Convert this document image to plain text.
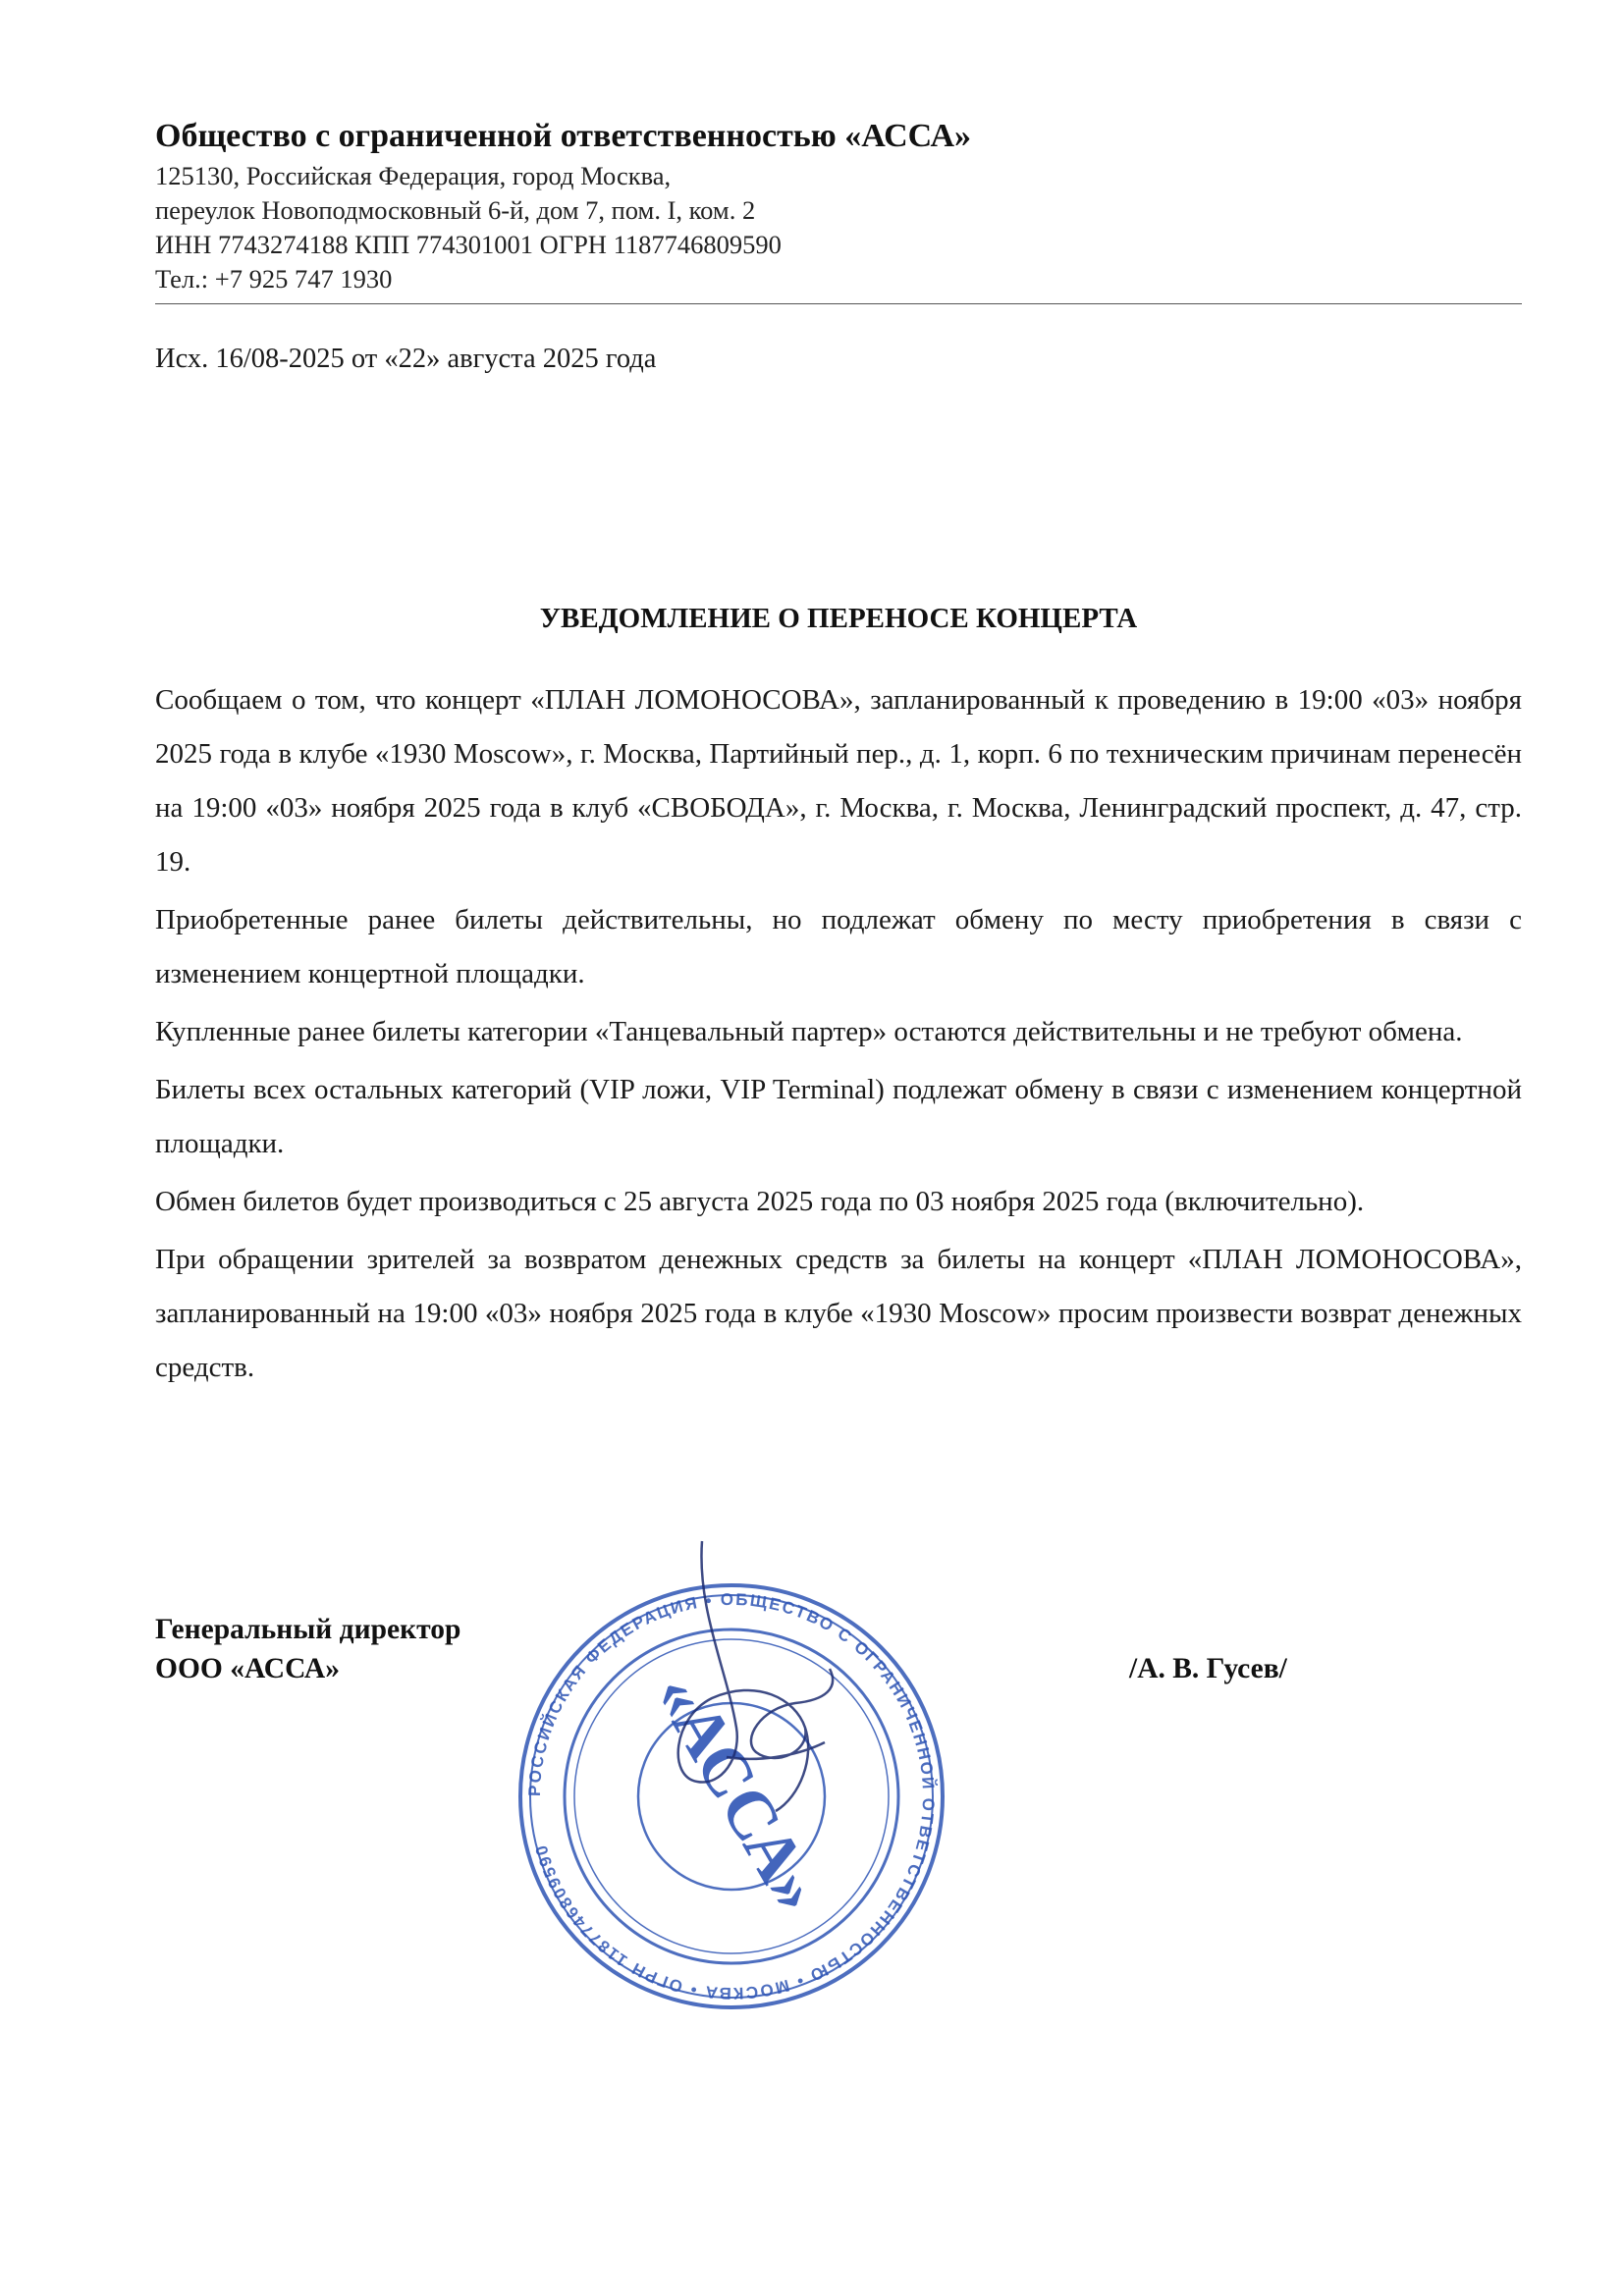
Общество с ограниченной ответственностью «АССА»
125130, Российская Федерация, город Москва,
переулок Новоподмосковный 6-й, дом 7, пом. I, ком. 2
ИНН 7743274188 КПП 774301001 ОГРН 1187746809590
Тел.: +7 925 747 1930
Исх. 16/08-2025 от «22» августа 2025 года
УВЕДОМЛЕНИЕ О ПЕРЕНОСЕ КОНЦЕРТА

Сообщаем о том, что концерт «ПЛАН ЛОМОНОСОВА», запланированный к проведению в 19:00 «03» ноября 2025 года в клубе «1930 Moscow», г. Москва, Партийный пер., д. 1, корп. 6 по техническим причинам перенесён на 19:00 «03» ноября 2025 года в клуб «СВОБОДА», г. Москва, г. Москва, Ленинградский проспект, д. 47, стр. 19.

Приобретенные ранее билеты действительны, но подлежат обмену по месту приобретения в связи с изменением концертной площадки.

Купленные ранее билеты категории «Танцевальный партер» остаются действительны и не требуют обмена.

Билеты всех остальных категорий (VIP ложи, VIP Terminal) подлежат обмену в связи с изменением концертной площадки.

Обмен билетов будет производиться с 25 августа 2025 года по 03 ноября 2025 года (включительно).

При обращении зрителей за возвратом денежных средств за билеты на концерт «ПЛАН ЛОМОНОСОВА», запланированный на 19:00 «03» ноября 2025 года в клубе «1930 Moscow» просим произвести возврат денежных средств.

Генеральный директор
ООО «АССА»	/А. В. Гусев/
РОССИЙСКАЯ ФЕДЕРАЦИЯ • ОБЩЕСТВО С ОГРАНИЧЕННОЙ ОТВЕТСТВЕННОСТЬЮ • МОСКВА • ОГРН 1187746809590	«АССА»
